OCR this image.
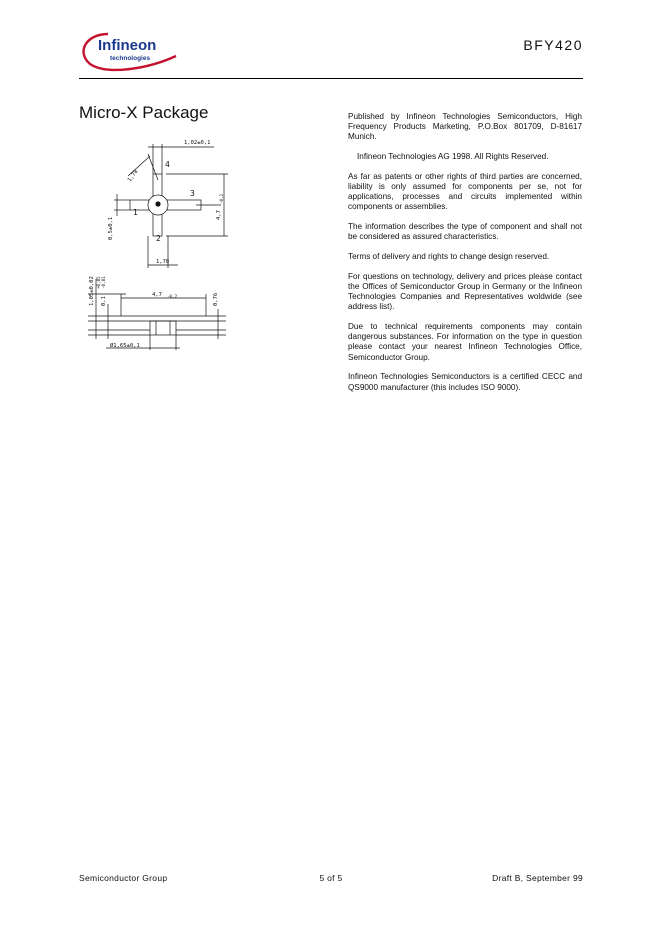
Infineon
technologies
BFY420
Micro-X Package
1,02±0,1
1,78
0,5±0,1
4,7
-0,2
1,78
1
2
3
4
1,05±0,02 0,1
+0,05 -0,01
4,7 -0,2	0,76
Ø1,65±0,1

Published by Infineon Technologies Semiconductors, High Frequency Products Marketing, P.O.Box 801709, D-81617 Munich.

Infineon Technologies AG 1998. All Rights Reserved.

As far as patents or other rights of third parties are concerned, liability is only assumed for components per se, not for applications, processes and circuits implemented within components or assemblies.

The information describes the type of component and shall not be considered as assured characteristics.

Terms of delivery and rights to change design reserved.

For questions on technology, delivery and prices please contact the Offices of Semiconductor Group in Germany or the Infineon Technologies Companies and Representatives woldwide (see address list).

Due to technical requirements components may contain dangerous substances. For information on the type in question please contact your nearest Infineon Technologies Office, Semiconductor Group.

Infineon Technologies Semiconductors is a certified CECC and QS9000 manufacturer (this includes ISO 9000).

Semiconductor Group	5 of 5	Draft B, September 99
